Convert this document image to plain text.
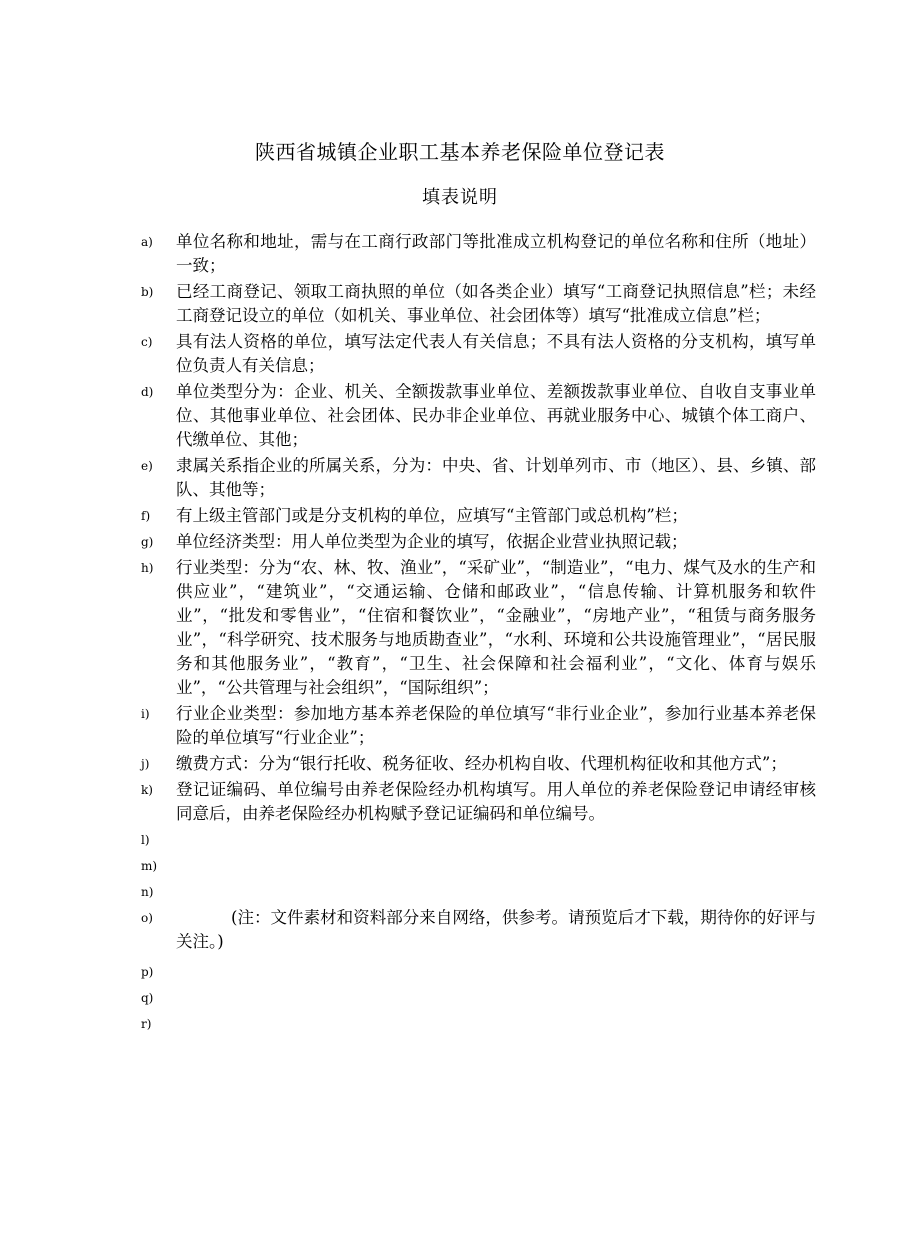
陕西省城镇企业职工基本养老保险单位登记表
填表说明
a) 单位名称和地址，需与在工商行政部门等批准成立机构登记的单位名称和住所（地址）一致；
b) 已经工商登记、领取工商执照的单位（如各类企业）填写“工商登记执照信息”栏；未经工商登记设立的单位（如机关、事业单位、社会团体等）填写“批准成立信息”栏；
c) 具有法人资格的单位，填写法定代表人有关信息；不具有法人资格的分支机构，填写单位负责人有关信息；
d) 单位类型分为：企业、机关、全额拨款事业单位、差额拨款事业单位、自收自支事业单位、其他事业单位、社会团体、民办非企业单位、再就业服务中心、城镇个体工商户、代缴单位、其他；
e) 隶属关系指企业的所属关系，分为：中央、省、计划单列市、市（地区）、县、乡镇、部队、其他等；
f) 有上级主管部门或是分支机构的单位，应填写“主管部门或总机构”栏；
g) 单位经济类型：用人单位类型为企业的填写，依据企业营业执照记载；
h) 行业类型：分为“农、林、牧、渔业”，“采矿业”，“制造业”，“电力、煤气及水的生产和供应业”，“建筑业”，“交通运输、仓储和邮政业”，“信息传输、计算机服务和软件业”，“批发和零售业”，“住宿和餐饮业”，“金融业”，“房地产业”，“租赁与商务服务业”，“科学研究、技术服务与地质勘查业”，“水利、环境和公共设施管理业”，“居民服务和其他服务业”，“教育”，“卫生、社会保障和社会福利业”，“文化、体育与娱乐业”，“公共管理与社会组织”，“国际组织”；
i) 行业企业类型：参加地方基本养老保险的单位填写“非行业企业”，参加行业基本养老保险的单位填写“行业企业”；
j) 缴费方式：分为“银行托收、税务征收、经办机构自收、代理机构征收和其他方式”；
k) 登记证编码、单位编号由养老保险经办机构填写。用人单位的养老保险登记申请经审核同意后，由养老保险经办机构赋予登记证编码和单位编号。
l)
m)
n)
o)	(注：文件素材和资料部分来自网络，供参考。请预览后才下载，期待你的好评与关注。)
p)
q)
r)
